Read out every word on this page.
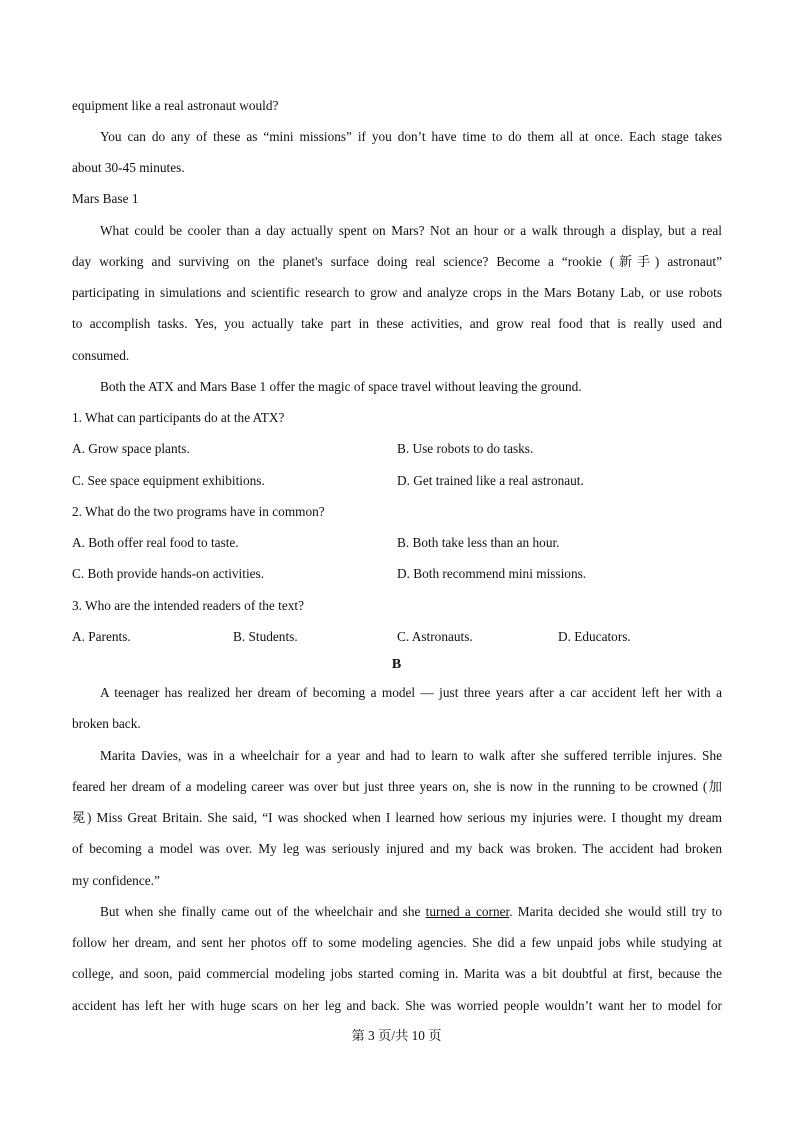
equipment like a real astronaut would?
You can do any of these as “mini missions” if you don’t have time to do them all at once. Each stage takes
about 30-45 minutes.
Mars Base 1
What could be cooler than a day actually spent on Mars? Not an hour or a walk through a display, but a real
day working and surviving on the planet's surface doing real science? Become a “rookie (新手) astronaut”
participating in simulations and scientific research to grow and analyze crops in the Mars Botany Lab, or use robots
to accomplish tasks. Yes, you actually take part in these activities, and grow real food that is really used and
consumed.
Both the ATX and Mars Base 1 offer the magic of space travel without leaving the ground.
1. What can participants do at the ATX?
A. Grow space plants.	B. Use robots to do tasks.
C. See space equipment exhibitions.	D. Get trained like a real astronaut.
2. What do the two programs have in common?
A. Both offer real food to taste.	B. Both take less than an hour.
C. Both provide hands-on activities.	D. Both recommend mini missions.
3. Who are the intended readers of the text?
A. Parents.	B. Students.	C. Astronauts.	D. Educators.
B
A teenager has realized her dream of becoming a model — just three years after a car accident left her with a
broken back.
Marita Davies, was in a wheelchair for a year and had to learn to walk after she suffered terrible injures. She
feared her dream of a modeling career was over but just three years on, she is now in the running to be crowned (加
冕) Miss Great Britain. She said, “I was shocked when I learned how serious my injuries were. I thought my dream
of becoming a model was over. My leg was seriously injured and my back was broken. The accident had broken
my confidence.”
But when she finally came out of the wheelchair and she turned a corner. Marita decided she would still try to
follow her dream, and sent her photos off to some modeling agencies. She did a few unpaid jobs while studying at
college, and soon, paid commercial modeling jobs started coming in. Marita was a bit doubtful at first, because the
accident has left her with huge scars on her leg and back. She was worried people wouldn’t want her to model for
第 3 页/共 10 页
